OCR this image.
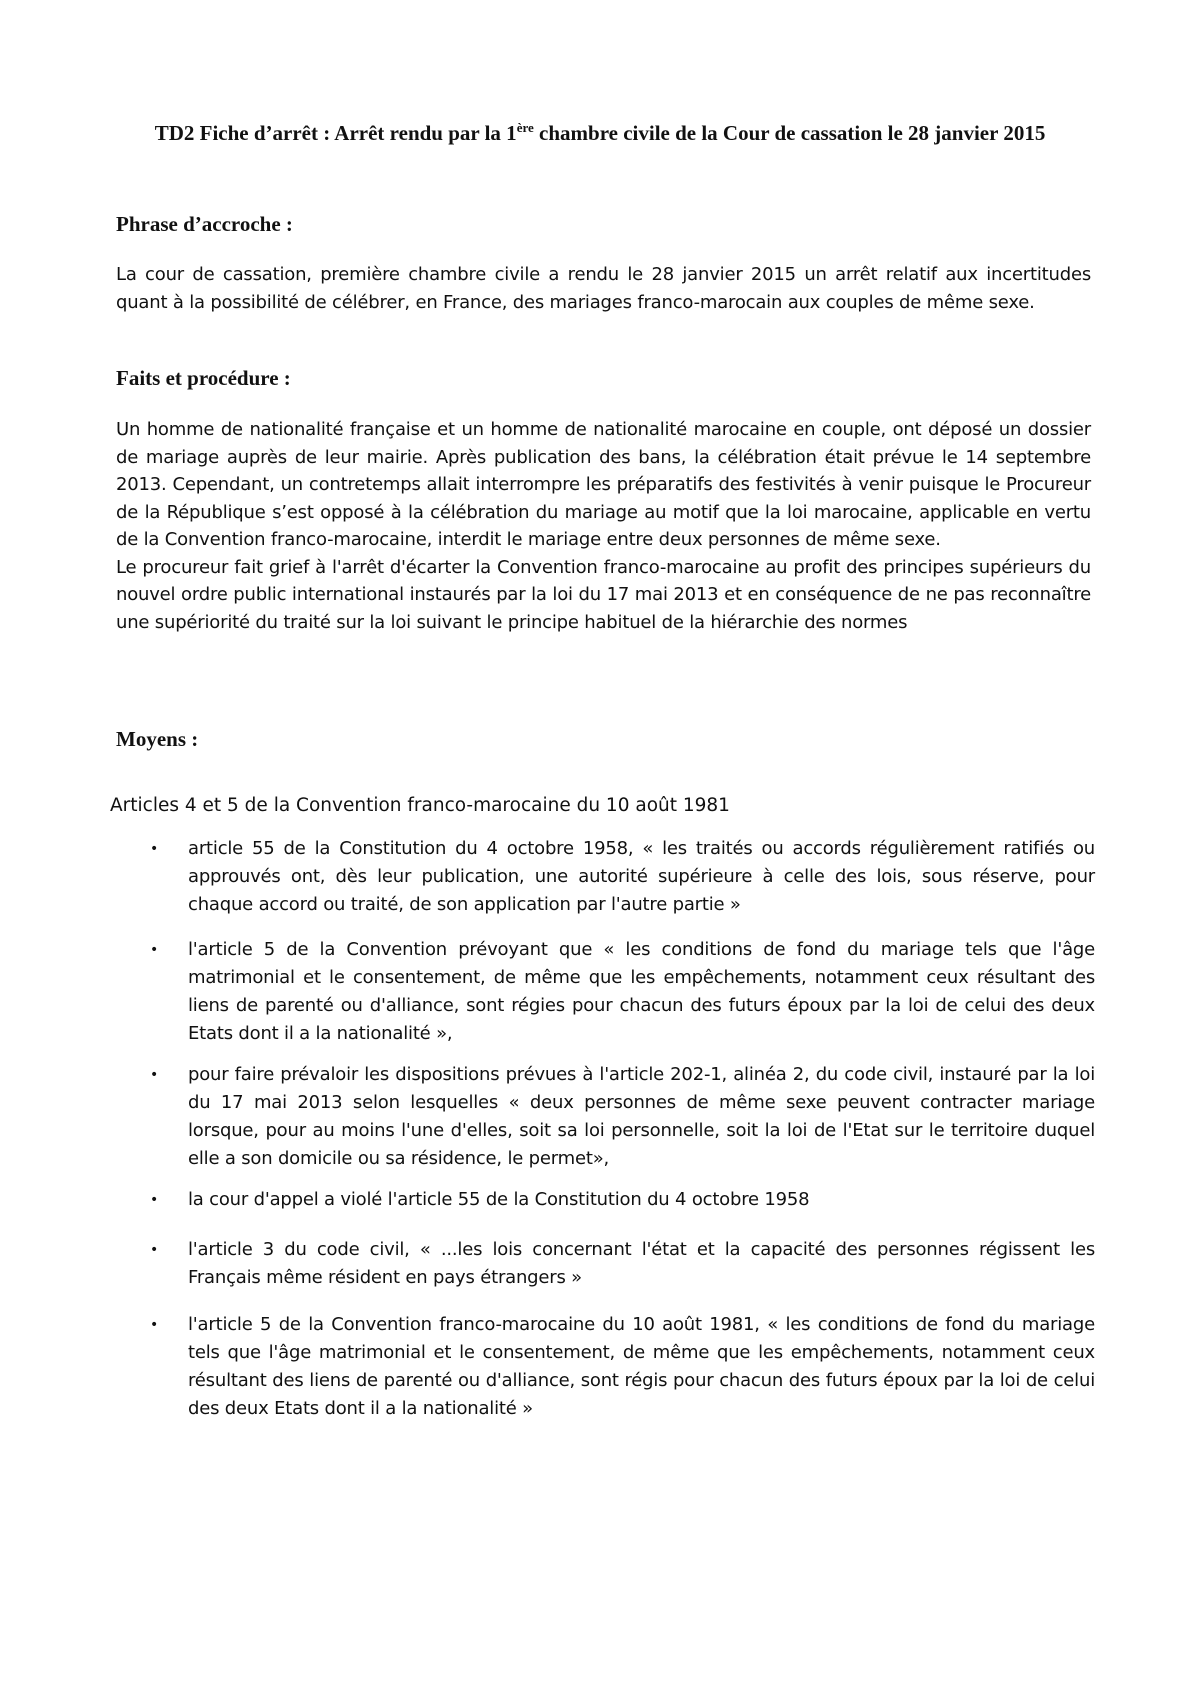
TD2 Fiche d’arrêt : Arrêt rendu par la 1ère chambre civile de la Cour de cassation le 28 janvier 2015
Phrase d’accroche :

La cour de cassation, première chambre civile a rendu le 28 janvier 2015 un arrêt relatif aux incertitudes quant à la possibilité de célébrer, en France, des mariages franco-marocain aux couples de même sexe.

Faits et procédure :

Un homme de nationalité française et un homme de nationalité marocaine en couple, ont déposé un dossier de mariage auprès de leur mairie. Après publication des bans, la célébration était prévue le 14 septembre 2013. Cependant, un contretemps allait interrompre les préparatifs des festivités à venir puisque le Procureur de la République s’est opposé à la célébration du mariage au motif que la loi marocaine, applicable en vertu de la Convention franco-marocaine, interdit le mariage entre deux personnes de même sexe.

Le procureur fait grief à l'arrêt d'écarter la Convention franco-marocaine au profit des principes supérieurs du nouvel ordre public international instaurés par la loi du 17 mai 2013 et en conséquence de ne pas reconnaître une supériorité du traité sur la loi suivant le principe habituel de la hiérarchie des normes

Moyens :
Articles 4 et 5 de la Convention franco-marocaine du 10 août 1981
• article 55 de la Constitution du 4 octobre 1958, « les traités ou accords régulièrement ratifiés ou approuvés ont, dès leur publication, une autorité supérieure à celle des lois, sous réserve, pour chaque accord ou traité, de son application par l'autre partie »
• l'article 5 de la Convention prévoyant que « les conditions de fond du mariage tels que l'âge matrimonial et le consentement, de même que les empêchements, notamment ceux résultant des liens de parenté ou d'alliance, sont régies pour chacun des futurs époux par la loi de celui des deux Etats dont il a la nationalité »,
• pour faire prévaloir les dispositions prévues à l'article 202-1, alinéa 2, du code civil, instauré par la loi du 17 mai 2013 selon lesquelles « deux personnes de même sexe peuvent contracter mariage lorsque, pour au moins l'une d'elles, soit sa loi personnelle, soit la loi de l'Etat sur le territoire duquel elle a son domicile ou sa résidence, le permet»,
• la cour d'appel a violé l'article 55 de la Constitution du 4 octobre 1958
• l'article 3 du code civil, « ...les lois concernant l'état et la capacité des personnes régissent les Français même résident en pays étrangers »
• l'article 5 de la Convention franco-marocaine du 10 août 1981, « les conditions de fond du mariage tels que l'âge matrimonial et le consentement, de même que les empêchements, notamment ceux résultant des liens de parenté ou d'alliance, sont régis pour chacun des futurs époux par la loi de celui des deux Etats dont il a la nationalité »
